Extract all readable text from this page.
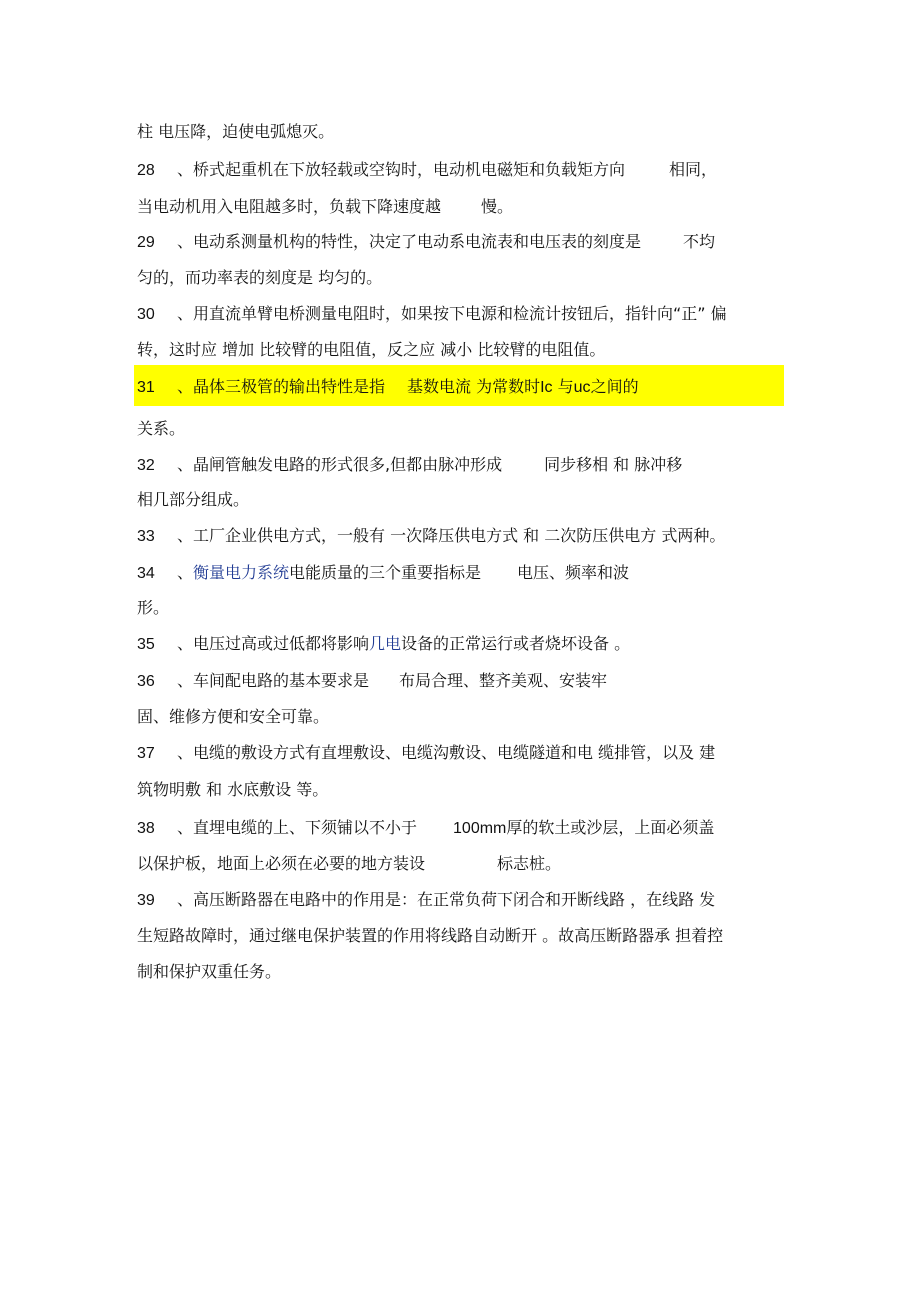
柱 电压降，迫使电弧熄灭。
28 、桥式起重机在下放轻载或空钩时，电动机电磁矩和负载矩方向	相同，
当电动机用入电阻越多时，负载下降速度越	慢。
29 、电动系测量机构的特性，决定了电动系电流表和电压表的刻度是	不均
匀的，而功率表的刻度是 均匀的。
30 、用直流单臂电桥测量电阻时，如果按下电源和检流计按钮后，指针向“正” 偏
转，这时应 增加 比较臂的电阻值，反之应 减小 比较臂的电阻值。
31 、晶体三极管的输出特性是指 基数电流 为常数时Ic 与uc之间的
关系。
32 、晶闸管触发电路的形式很多,但都由脉冲形成	同步移相 和 脉冲移
相几部分组成。
33 、工厂企业供电方式，一般有 一次降压供电方式 和 二次防压供电方 式两种。
34 、衡量电力系统电能质量的三个重要指标是 电压、频率和波
形。
35 、电压过高或过低都将影响几电设备的正常运行或者烧坏设备 。
36 、车间配电路的基本要求是 布局合理、整齐美观、安装牢
固、维修方便和安全可靠。
37 、电缆的敷设方式有直埋敷设、电缆沟敷设、电缆隧道和电 缆排管，以及 建
筑物明敷 和 水底敷设 等。
38 、直埋电缆的上、下须铺以不小于 100mm厚的软土或沙层，上面必须盖
以保护板，地面上必须在必要的地方装设	标志桩。
39 、高压断路器在电路中的作用是：在正常负荷下闭合和开断线路 ，在线路 发
生短路故障时，通过继电保护装置的作用将线路自动断开 。故高压断路器承 担着控
制和保护双重任务。
